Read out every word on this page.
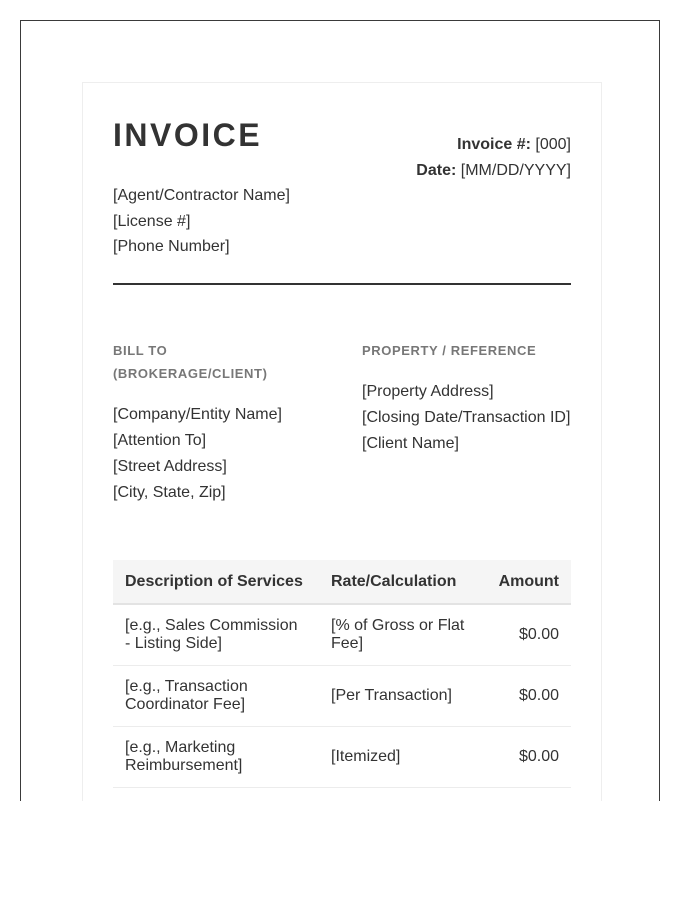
INVOICE	Invoice #: [000]
Date: [MM/DD/YYYY]
[Agent/Contractor Name]
[License #]
[Phone Number]
BILL TO
(BROKERAGE/CLIENT)
[Company/Entity Name]
[Attention To]
[Street Address]
[City, State, Zip]
PROPERTY / REFERENCE
[Property Address]
[Closing Date/Transaction ID]
[Client Name]
Description of Services	Rate/Calculation	Amount
[e.g., Sales Commission - Listing Side]	[% of Gross or Flat Fee]	$0.00
[e.g., Transaction Coordinator Fee]	[Per Transaction]	$0.00
[e.g., Marketing Reimbursement]	[Itemized]	$0.00
